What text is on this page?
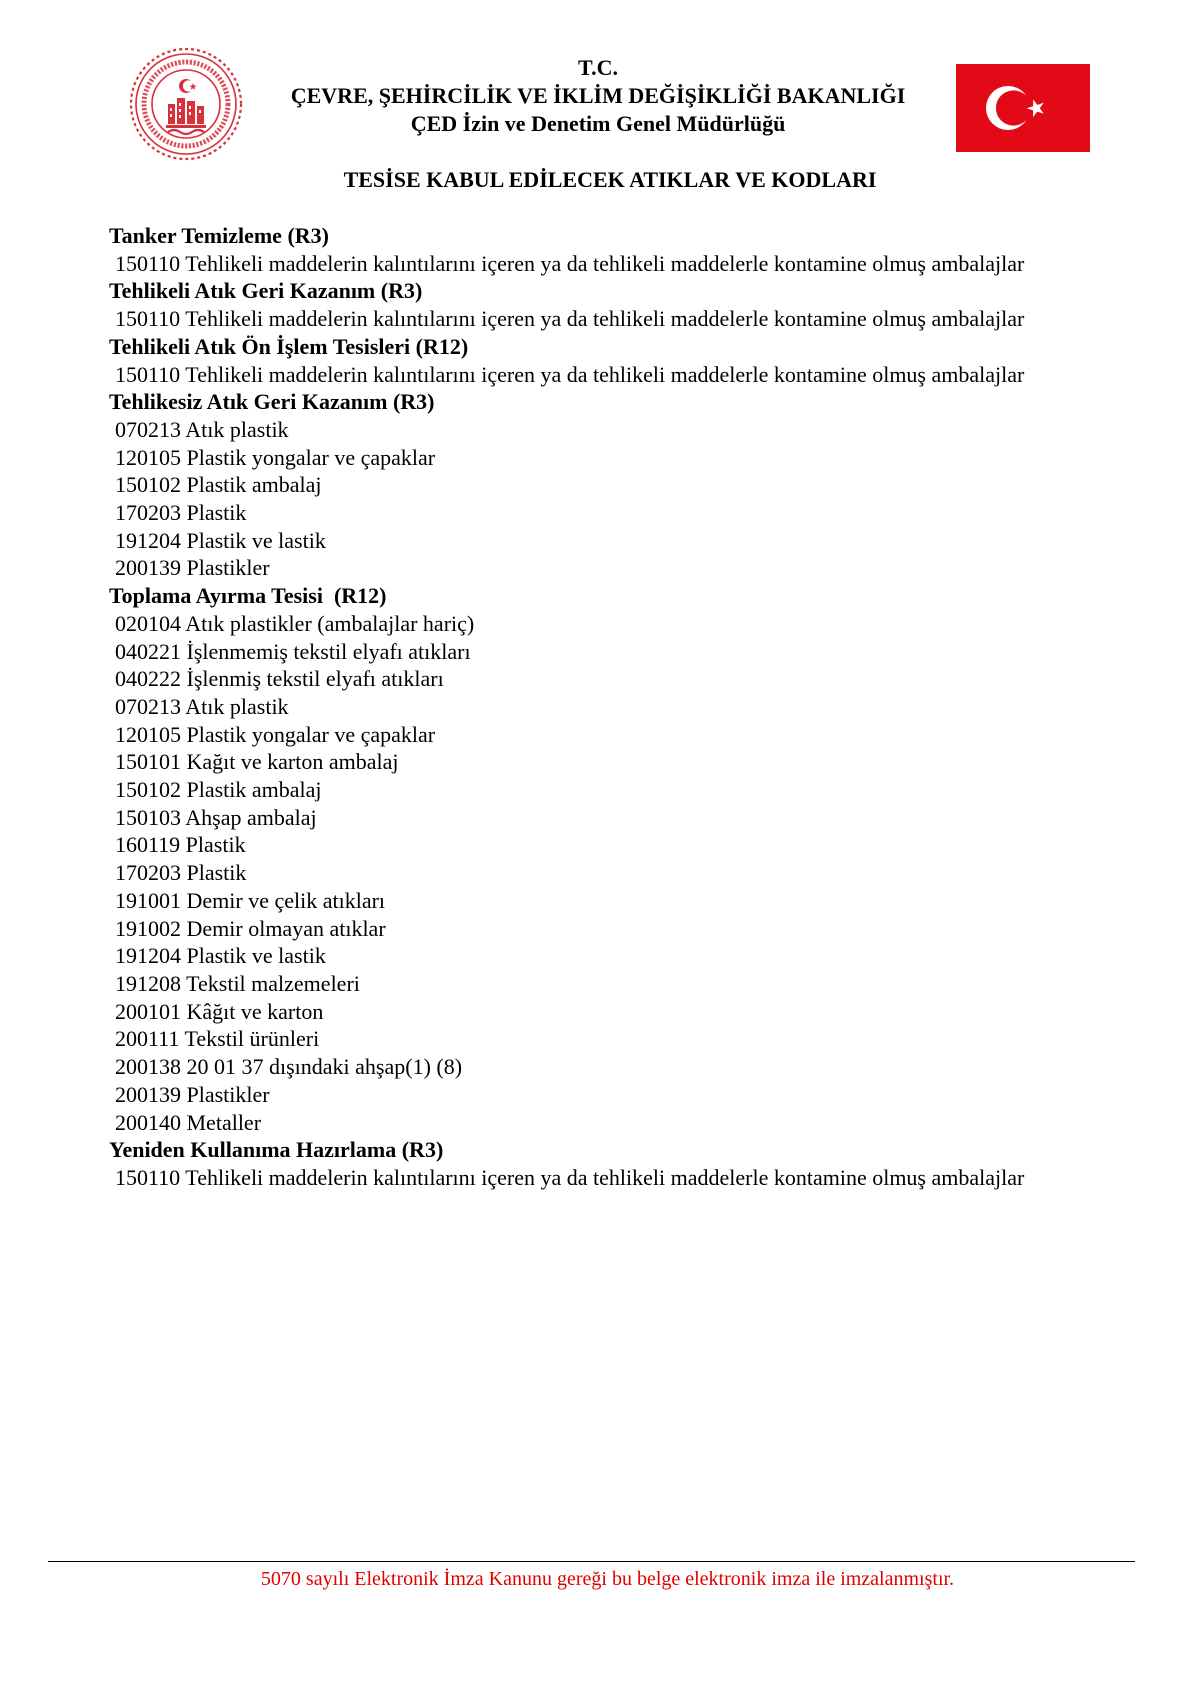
T.C.
ÇEVRE, ŞEHİRCİLİK VE İKLİM DEĞİŞİKLİĞİ BAKANLIĞI
ÇED İzin ve Denetim Genel Müdürlüğü
TESİSE KABUL EDİLECEK ATIKLAR VE KODLARI
Tanker Temizleme (R3)
150110 Tehlikeli maddelerin kalıntılarını içeren ya da tehlikeli maddelerle kontamine olmuş ambalajlar
Tehlikeli Atık Geri Kazanım (R3)
150110 Tehlikeli maddelerin kalıntılarını içeren ya da tehlikeli maddelerle kontamine olmuş ambalajlar
Tehlikeli Atık Ön İşlem Tesisleri (R12)
150110 Tehlikeli maddelerin kalıntılarını içeren ya da tehlikeli maddelerle kontamine olmuş ambalajlar
Tehlikesiz Atık Geri Kazanım (R3)
070213 Atık plastik
120105 Plastik yongalar ve çapaklar
150102 Plastik ambalaj
170203 Plastik
191204 Plastik ve lastik
200139 Plastikler
Toplama Ayırma Tesisi  (R12)
020104 Atık plastikler (ambalajlar hariç)
040221 İşlenmemiş tekstil elyafı atıkları
040222 İşlenmiş tekstil elyafı atıkları
070213 Atık plastik
120105 Plastik yongalar ve çapaklar
150101 Kağıt ve karton ambalaj
150102 Plastik ambalaj
150103 Ahşap ambalaj
160119 Plastik
170203 Plastik
191001 Demir ve çelik atıkları
191002 Demir olmayan atıklar
191204 Plastik ve lastik
191208 Tekstil malzemeleri
200101 Kâğıt ve karton
200111 Tekstil ürünleri
200138 20 01 37 dışındaki ahşap(1) (8)
200139 Plastikler
200140 Metaller
Yeniden Kullanıma Hazırlama (R3)
150110 Tehlikeli maddelerin kalıntılarını içeren ya da tehlikeli maddelerle kontamine olmuş ambalajlar
5070 sayılı Elektronik İmza Kanunu gereği bu belge elektronik imza ile imzalanmıştır.
